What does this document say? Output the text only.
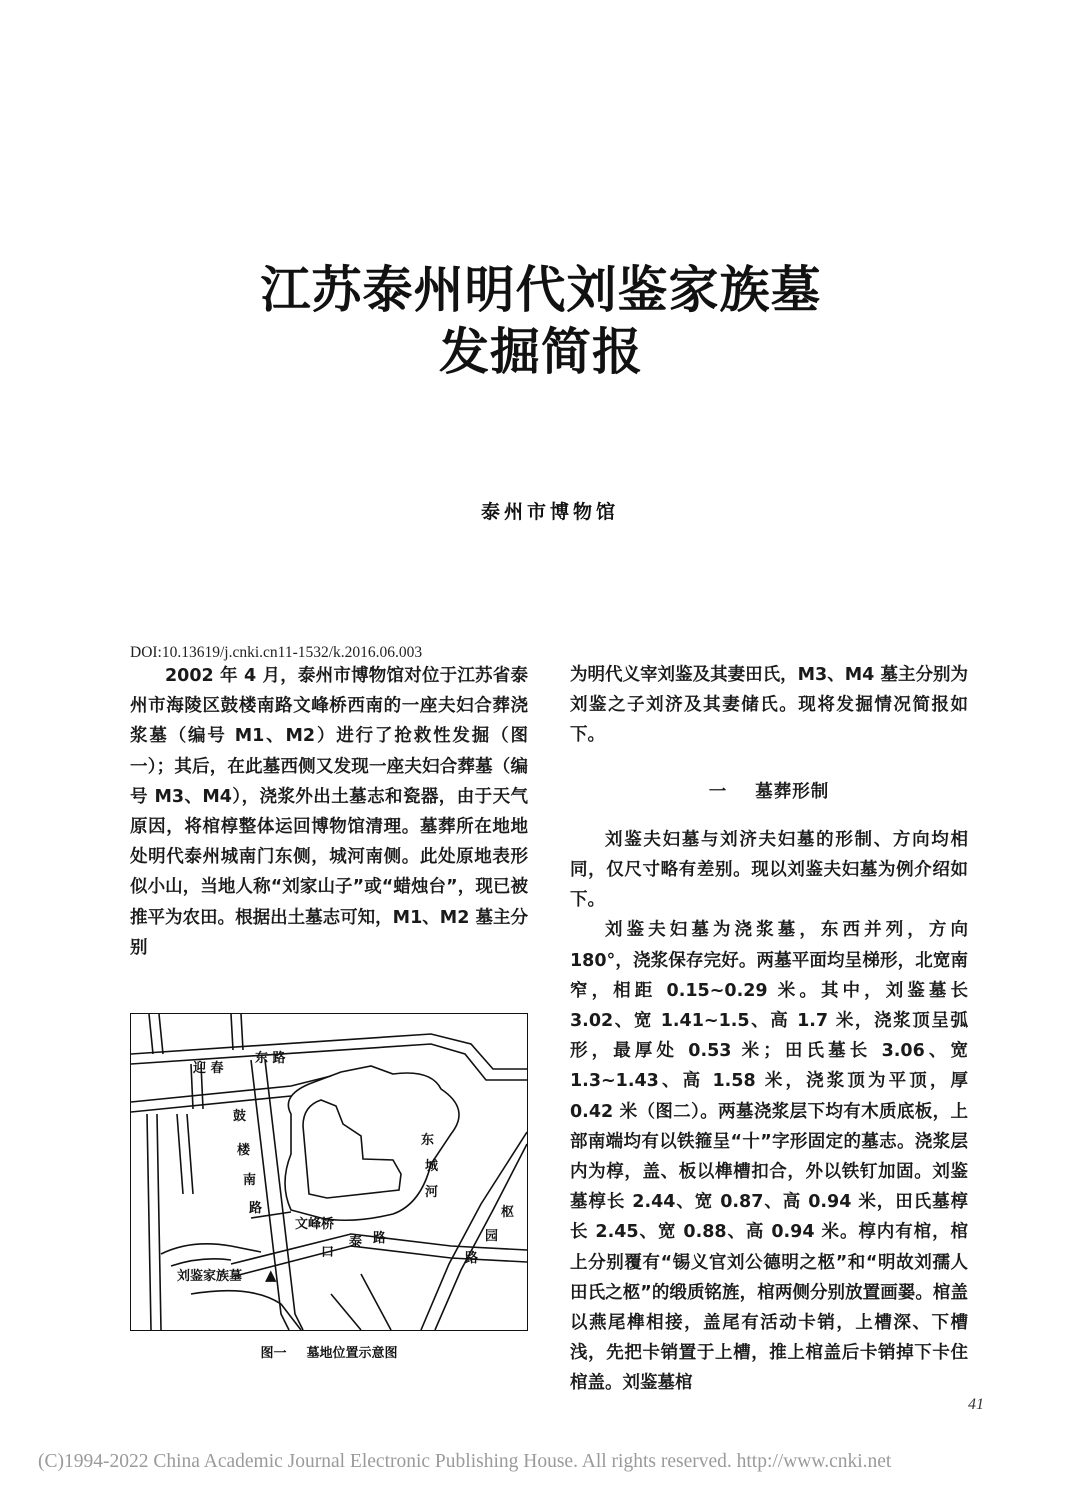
江苏泰州明代刘鉴家族墓
发掘简报
泰州市博物馆
DOI:10.13619/j.cnki.cn11-1532/k.2016.06.003

2002 年 4 月，泰州市博物馆对位于江苏省泰州市海陵区鼓楼南路文峰桥西南的一座夫妇合葬浇浆墓（编号 M1、M2）进行了抢救性发掘（图一）；其后，在此墓西侧又发现一座夫妇合葬墓（编号 M3、M4），浇浆外出土墓志和瓷器，由于天气原因，将棺椁整体运回博物馆清理。墓葬所在地地处明代泰州城南门东侧，城河南侧。此处原地表形似小山，当地人称“刘家山子”或“蜡烛台”，现已被推平为农田。根据出土墓志可知，M1、M2 墓主分别

迎 春
东 路
鼓
楼
南
路
东
城
河
文峰桥
口
泰 路
枢
园
路
刘鉴家族墓 ▲
图一 墓地位置示意图

为明代义宰刘鉴及其妻田氏，M3、M4 墓主分别为刘鉴之子刘济及其妻储氏。现将发掘情况简报如下。

一 墓葬形制

刘鉴夫妇墓与刘济夫妇墓的形制、方向均相同，仅尺寸略有差别。现以刘鉴夫妇墓为例介绍如下。

刘鉴夫妇墓为浇浆墓，东西并列，方向 180°，浇浆保存完好。两墓平面均呈梯形，北宽南窄，相距 0.15~0.29 米。其中，刘鉴墓长 3.02、宽 1.41~1.5、高 1.7 米，浇浆顶呈弧形，最厚处 0.53 米；田氏墓长 3.06、宽 1.3~1.43、高 1.58 米，浇浆顶为平顶，厚 0.42 米（图二）。两墓浇浆层下均有木质底板，上部南端均有以铁箍呈“十”字形固定的墓志。浇浆层内为椁，盖、板以榫槽扣合，外以铁钉加固。刘鉴墓椁长 2.44、宽 0.87、高 0.94 米，田氏墓椁长 2.45、宽 0.88、高 0.94 米。椁内有棺，棺上分别覆有“锡义官刘公德明之柩”和“明故刘孺人田氏之柩”的缎质铭旌，棺两侧分别放置画翣。棺盖以燕尾榫相接，盖尾有活动卡销，上槽深、下槽浅，先把卡销置于上槽，推上棺盖后卡销掉下卡住棺盖。刘鉴墓棺

41
(C)1994-2022 China Academic Journal Electronic Publishing House. All rights reserved. http://www.cnki.net
